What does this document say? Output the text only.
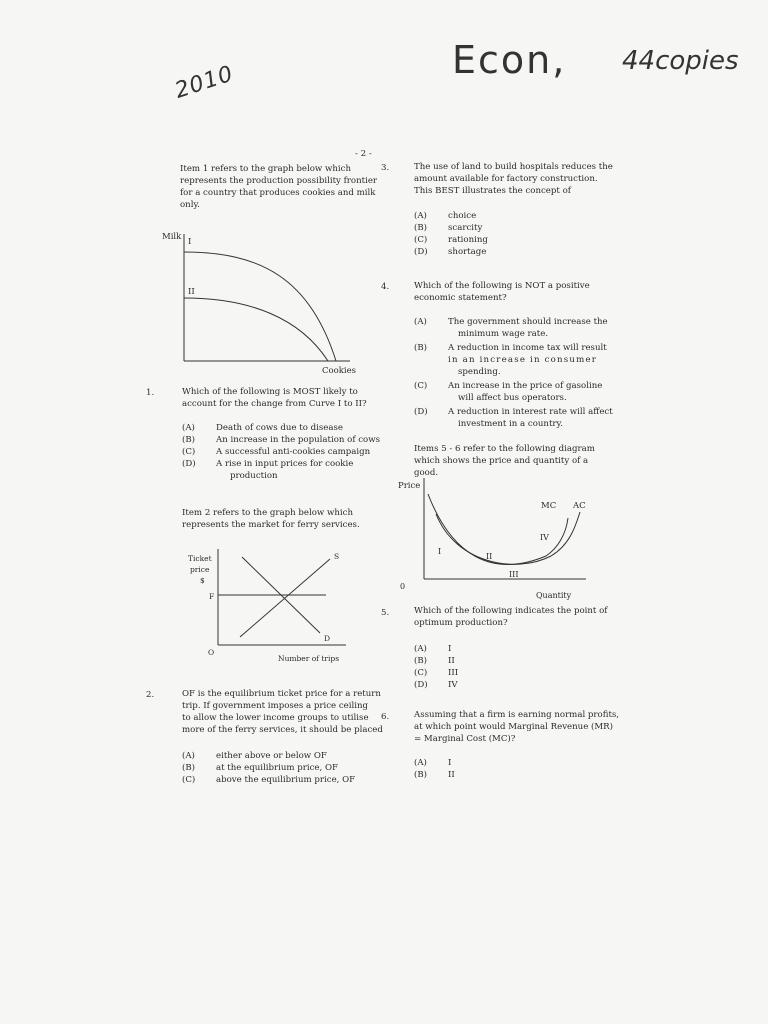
2010
Econ, 44copies
- 2 -
Item 1 refers to the graph below which
represents the production possibility frontier
for a country that produces cookies and milk
only.
Milk I
II
Cookies
1.	Which of the following is MOST likely to
account for the change from Curve I to II?
(A)	Death of cows due to disease
(B)	An increase in the population of cows
(C)	A successful anti-cookies campaign
(D)	A rise in input prices for cookie
production
Item 2 refers to the graph below which
represents the market for ferry services.
Ticket
price
$
S
D
F
O
Number of trips
2.	OF is the equilibrium ticket price for a return
trip. If government imposes a price ceiling
to allow the lower income groups to utilise
more of the ferry services, it should be placed
(A)	either above or below OF
(B)	at the equilibrium price, OF
(C)	above the equilibrium price, OF
3.	The use of land to build hospitals reduces the
amount available for factory construction.
This BEST illustrates the concept of
(A)	choice
(B)	scarcity
(C)	rationing
(D)	shortage
4.	Which of the following is NOT a positive
economic statement?
(A)	The government should increase the
minimum wage rate.
(B)	A reduction in income tax will result
in an increase in consumer
spending.
(C)	An increase in the price of gasoline
will affect bus operators.
(D)	A reduction in interest rate will affect
investment in a country.
Items 5 - 6 refer to the following diagram
which shows the price and quantity of a good.
Price
MC AC
I
II
III
IV
0
Quantity
5.	Which of the following indicates the point of
optimum production?
(A)	I
(B)	II
(C)	III
(D)	IV
6.	Assuming that a firm is earning normal profits,
at which point would Marginal Revenue (MR)
= Marginal Cost (MC)?
(A)	I
(B)	II
